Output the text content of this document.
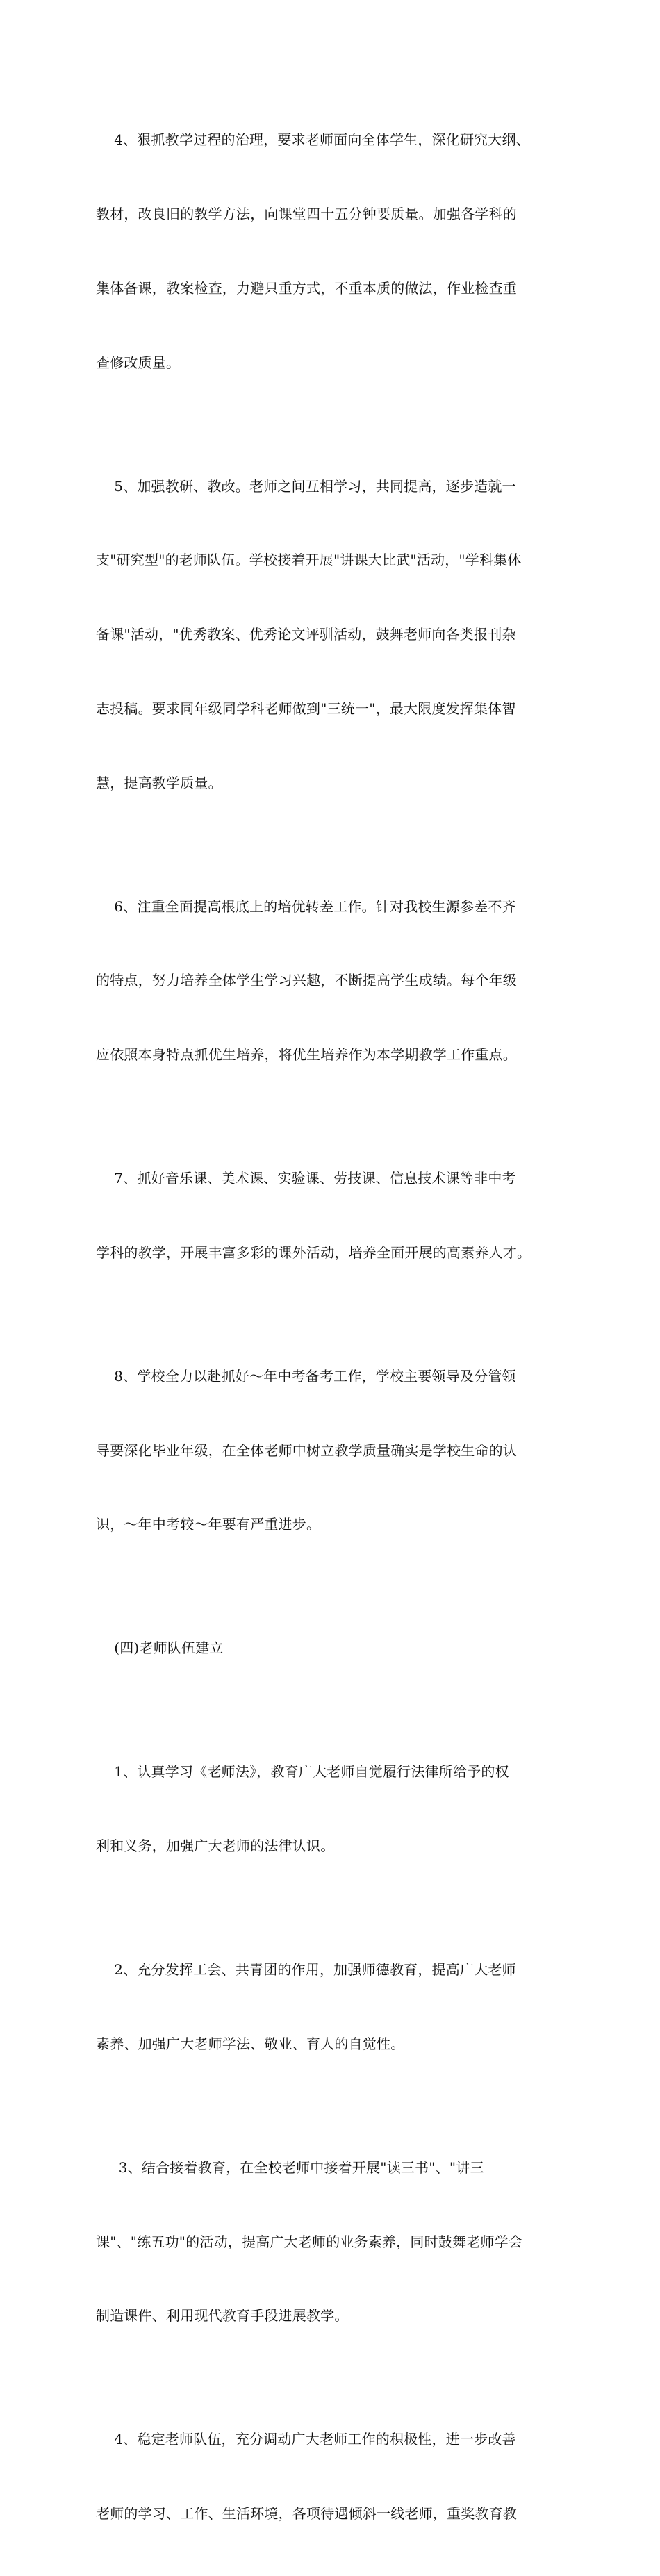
4、狠抓教学过程的治理，要求老师面向全体学生，深化研究大纲、

教材，改良旧的教学方法，向课堂四十五分钟要质量。加强各学科的

集体备课，教案检查，力避只重方式，不重本质的做法，作业检查重

查修改质量。

5、加强教研、教改。老师之间互相学习，共同提高，逐步造就一

支"研究型"的老师队伍。学校接着开展"讲课大比武"活动，"学科集体

备课"活动，"优秀教案、优秀论文评驯活动，鼓舞老师向各类报刊杂

志投稿。要求同年级同学科老师做到"三统一"，最大限度发挥集体智

慧，提高教学质量。

6、注重全面提高根底上的培优转差工作。针对我校生源参差不齐

的特点，努力培养全体学生学习兴趣，不断提高学生成绩。每个年级

应依照本身特点抓优生培养，将优生培养作为本学期教学工作重点。

7、抓好音乐课、美术课、实验课、劳技课、信息技术课等非中考

学科的教学，开展丰富多彩的课外活动，培养全面开展的高素养人才。

8、学校全力以赴抓好～年中考备考工作，学校主要领导及分管领

导要深化毕业年级，在全体老师中树立教学质量确实是学校生命的认

识，～年中考较～年要有严重进步。

(四)老师队伍建立

1、认真学习《老师法》，教育广大老师自觉履行法律所给予的权

利和义务，加强广大老师的法律认识。

2、充分发挥工会、共青团的作用，加强师德教育，提高广大老师

素养、加强广大老师学法、敬业、育人的自觉性。

3、结合接着教育，在全校老师中接着开展"读三书"、"讲三

课"、"练五功"的活动，提高广大老师的业务素养，同时鼓舞老师学会

制造课件、利用现代教育手段进展教学。

4、稳定老师队伍，充分调动广大老师工作的积极性，进一步改善

老师的学习、工作、生活环境，各项待遇倾斜一线老师，重奖教育教
